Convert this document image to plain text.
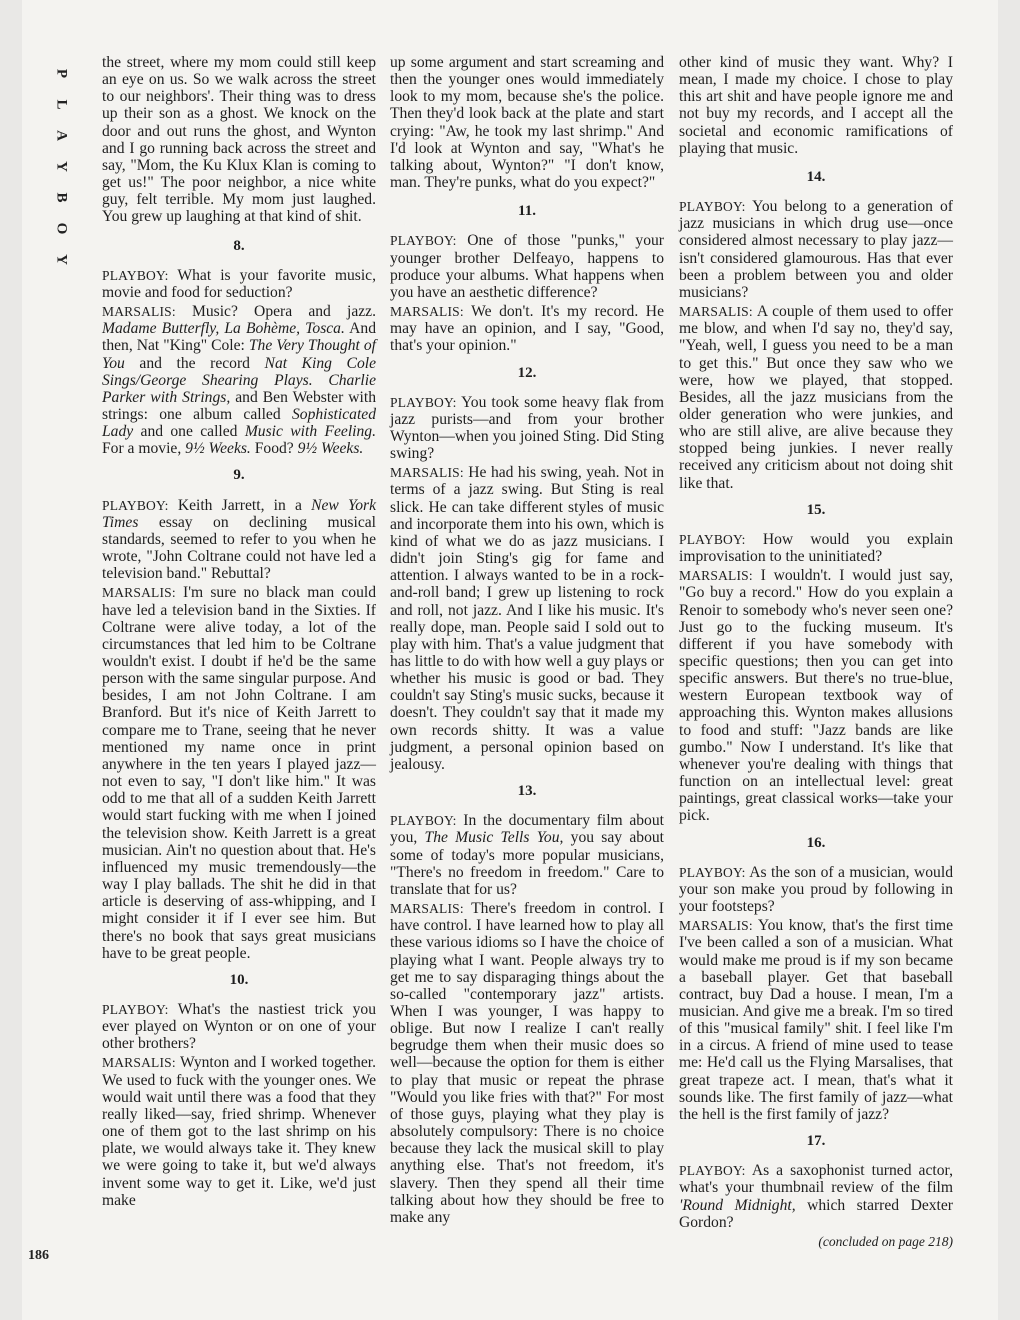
P
L
A
Y
B
O
Y

the street, where my mom could still keep an eye on us. So we walk across the street to our neighbors'. Their thing was to dress up their son as a ghost. We knock on the door and out runs the ghost, and Wynton and I go running back across the street and say, "Mom, the Ku Klux Klan is coming to get us!" The poor neighbor, a nice white guy, felt terrible. My mom just laughed. You grew up laughing at that kind of shit.

8.

PLAYBOY: What is your favorite music, movie and food for seduction?

MARSALIS: Music? Opera and jazz. Madame Butterfly, La Bohème, Tosca. And then, Nat "King" Cole: The Very Thought of You and the record Nat King Cole Sings/George Shearing Plays. Charlie Parker with Strings, and Ben Webster with strings: one album called Sophisticated Lady and one called Music with Feeling. For a movie, 9½ Weeks. Food? 9½ Weeks.

9.

PLAYBOY: Keith Jarrett, in a New York Times essay on declining musical standards, seemed to refer to you when he wrote, "John Coltrane could not have led a television band." Rebuttal?

MARSALIS: I'm sure no black man could have led a television band in the Sixties. If Coltrane were alive today, a lot of the circumstances that led him to be Coltrane wouldn't exist. I doubt if he'd be the same person with the same singular purpose. And besides, I am not John Coltrane. I am Branford. But it's nice of Keith Jarrett to compare me to Trane, seeing that he never mentioned my name once in print anywhere in the ten years I played jazz—not even to say, "I don't like him." It was odd to me that all of a sudden Keith Jarrett would start fucking with me when I joined the television show. Keith Jarrett is a great musician. Ain't no question about that. He's influenced my music tremendously—the way I play ballads. The shit he did in that article is deserving of ass-whipping, and I might consider it if I ever see him. But there's no book that says great musicians have to be great people.

10.

PLAYBOY: What's the nastiest trick you ever played on Wynton or on one of your other brothers?

MARSALIS: Wynton and I worked together. We used to fuck with the younger ones. We would wait until there was a food that they really liked—say, fried shrimp. Whenever one of them got to the last shrimp on his plate, we would always take it. They knew we were going to take it, but we'd always invent some way to get it. Like, we'd just make

up some argument and start screaming and then the younger ones would immediately look to my mom, because she's the police. Then they'd look back at the plate and start crying: "Aw, he took my last shrimp." And I'd look at Wynton and say, "What's he talking about, Wynton?" "I don't know, man. They're punks, what do you expect?"

11.

PLAYBOY: One of those "punks," your younger brother Delfeayo, happens to produce your albums. What happens when you have an aesthetic difference?

MARSALIS: We don't. It's my record. He may have an opinion, and I say, "Good, that's your opinion."

12.

PLAYBOY: You took some heavy flak from jazz purists—and from your brother Wynton—when you joined Sting. Did Sting swing?

MARSALIS: He had his swing, yeah. Not in terms of a jazz swing. But Sting is real slick. He can take different styles of music and incorporate them into his own, which is kind of what we do as jazz musicians. I didn't join Sting's gig for fame and attention. I always wanted to be in a rock-and-roll band; I grew up listening to rock and roll, not jazz. And I like his music. It's really dope, man. People said I sold out to play with him. That's a value judgment that has little to do with how well a guy plays or whether his music is good or bad. They couldn't say Sting's music sucks, because it doesn't. They couldn't say that it made my own records shitty. It was a value judgment, a personal opinion based on jealousy.

13.

PLAYBOY: In the documentary film about you, The Music Tells You, you say about some of today's more popular musicians, "There's no freedom in freedom." Care to translate that for us?

MARSALIS: There's freedom in control. I have control. I have learned how to play all these various idioms so I have the choice of playing what I want. People always try to get me to say disparaging things about the so-called "contemporary jazz" artists. When I was younger, I was happy to oblige. But now I realize I can't really begrudge them when their music does so well—because the option for them is either to play that music or repeat the phrase "Would you like fries with that?" For most of those guys, playing what they play is absolutely compulsory: There is no choice because they lack the musical skill to play anything else. That's not freedom, it's slavery. Then they spend all their time talking about how they should be free to make any

other kind of music they want. Why? I mean, I made my choice. I chose to play this art shit and have people ignore me and not buy my records, and I accept all the societal and economic ramifications of playing that music.

14.

PLAYBOY: You belong to a generation of jazz musicians in which drug use—once considered almost necessary to play jazz—isn't considered glamourous. Has that ever been a problem between you and older musicians?

MARSALIS: A couple of them used to offer me blow, and when I'd say no, they'd say, "Yeah, well, I guess you need to be a man to get this." But once they saw who we were, how we played, that stopped. Besides, all the jazz musicians from the older generation who were junkies, and who are still alive, are alive because they stopped being junkies. I never really received any criticism about not doing shit like that.

15.

PLAYBOY: How would you explain improvisation to the uninitiated?

MARSALIS: I wouldn't. I would just say, "Go buy a record." How do you explain a Renoir to somebody who's never seen one? Just go to the fucking museum. It's different if you have somebody with specific questions; then you can get into specific answers. But there's no true-blue, western European textbook way of approaching this. Wynton makes allusions to food and stuff: "Jazz bands are like gumbo." Now I understand. It's like that whenever you're dealing with things that function on an intellectual level: great paintings, great classical works—take your pick.

16.

PLAYBOY: As the son of a musician, would your son make you proud by following in your footsteps?

MARSALIS: You know, that's the first time I've been called a son of a musician. What would make me proud is if my son became a baseball player. Get that baseball contract, buy Dad a house. I mean, I'm a musician. And give me a break. I'm so tired of this "musical family" shit. I feel like I'm in a circus. A friend of mine used to tease me: He'd call us the Flying Marsalises, that great trapeze act. I mean, that's what it sounds like. The first family of jazz—what the hell is the first family of jazz?

17.

PLAYBOY: As a saxophonist turned actor, what's your thumbnail review of the film 'Round Midnight, which starred Dexter Gordon?

(concluded on page 218)
186
